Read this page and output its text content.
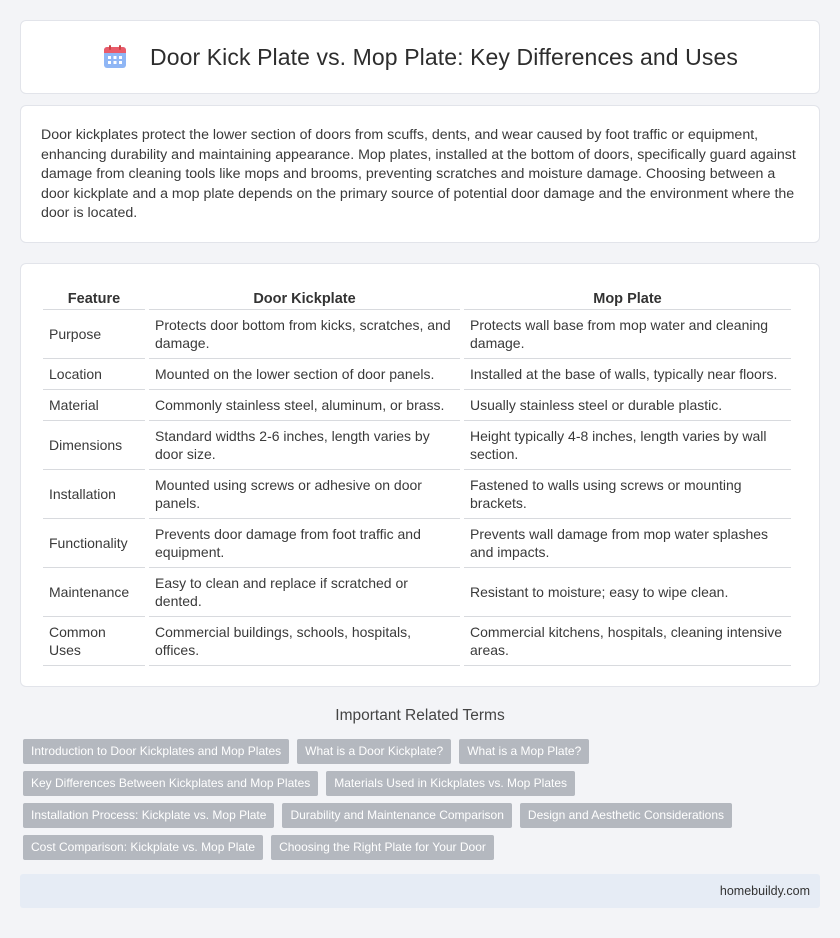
Door Kick Plate vs. Mop Plate: Key Differences and Uses

Door kickplates protect the lower section of doors from scuffs, dents, and wear caused by foot traffic or equipment, enhancing durability and maintaining appearance. Mop plates, installed at the bottom of doors, specifically guard against damage from cleaning tools like mops and brooms, preventing scratches and moisture damage. Choosing between a door kickplate and a mop plate depends on the primary source of potential door damage and the environment where the door is located.

Feature	Door Kickplate	Mop Plate
Purpose	Protects door bottom from kicks, scratches, and damage.	Protects wall base from mop water and cleaning damage.
Location	Mounted on the lower section of door panels.	Installed at the base of walls, typically near floors.
Material	Commonly stainless steel, aluminum, or brass.	Usually stainless steel or durable plastic.
Dimensions	Standard widths 2-6 inches, length varies by door size.	Height typically 4-8 inches, length varies by wall section.
Installation	Mounted using screws or adhesive on door panels.	Fastened to walls using screws or mounting brackets.
Functionality	Prevents door damage from foot traffic and equipment.	Prevents wall damage from mop water splashes and impacts.
Maintenance	Easy to clean and replace if scratched or dented.	Resistant to moisture; easy to wipe clean.
Common Uses	Commercial buildings, schools, hospitals, offices.	Commercial kitchens, hospitals, cleaning intensive areas.
Important Related Terms
Introduction to Door Kickplates and Mop Plates	What is a Door Kickplate?	What is a Mop Plate?
Key Differences Between Kickplates and Mop Plates	Materials Used in Kickplates vs. Mop Plates
Installation Process: Kickplate vs. Mop Plate	Durability and Maintenance Comparison	Design and Aesthetic Considerations
Cost Comparison: Kickplate vs. Mop Plate	Choosing the Right Plate for Your Door
homebuildy.com
